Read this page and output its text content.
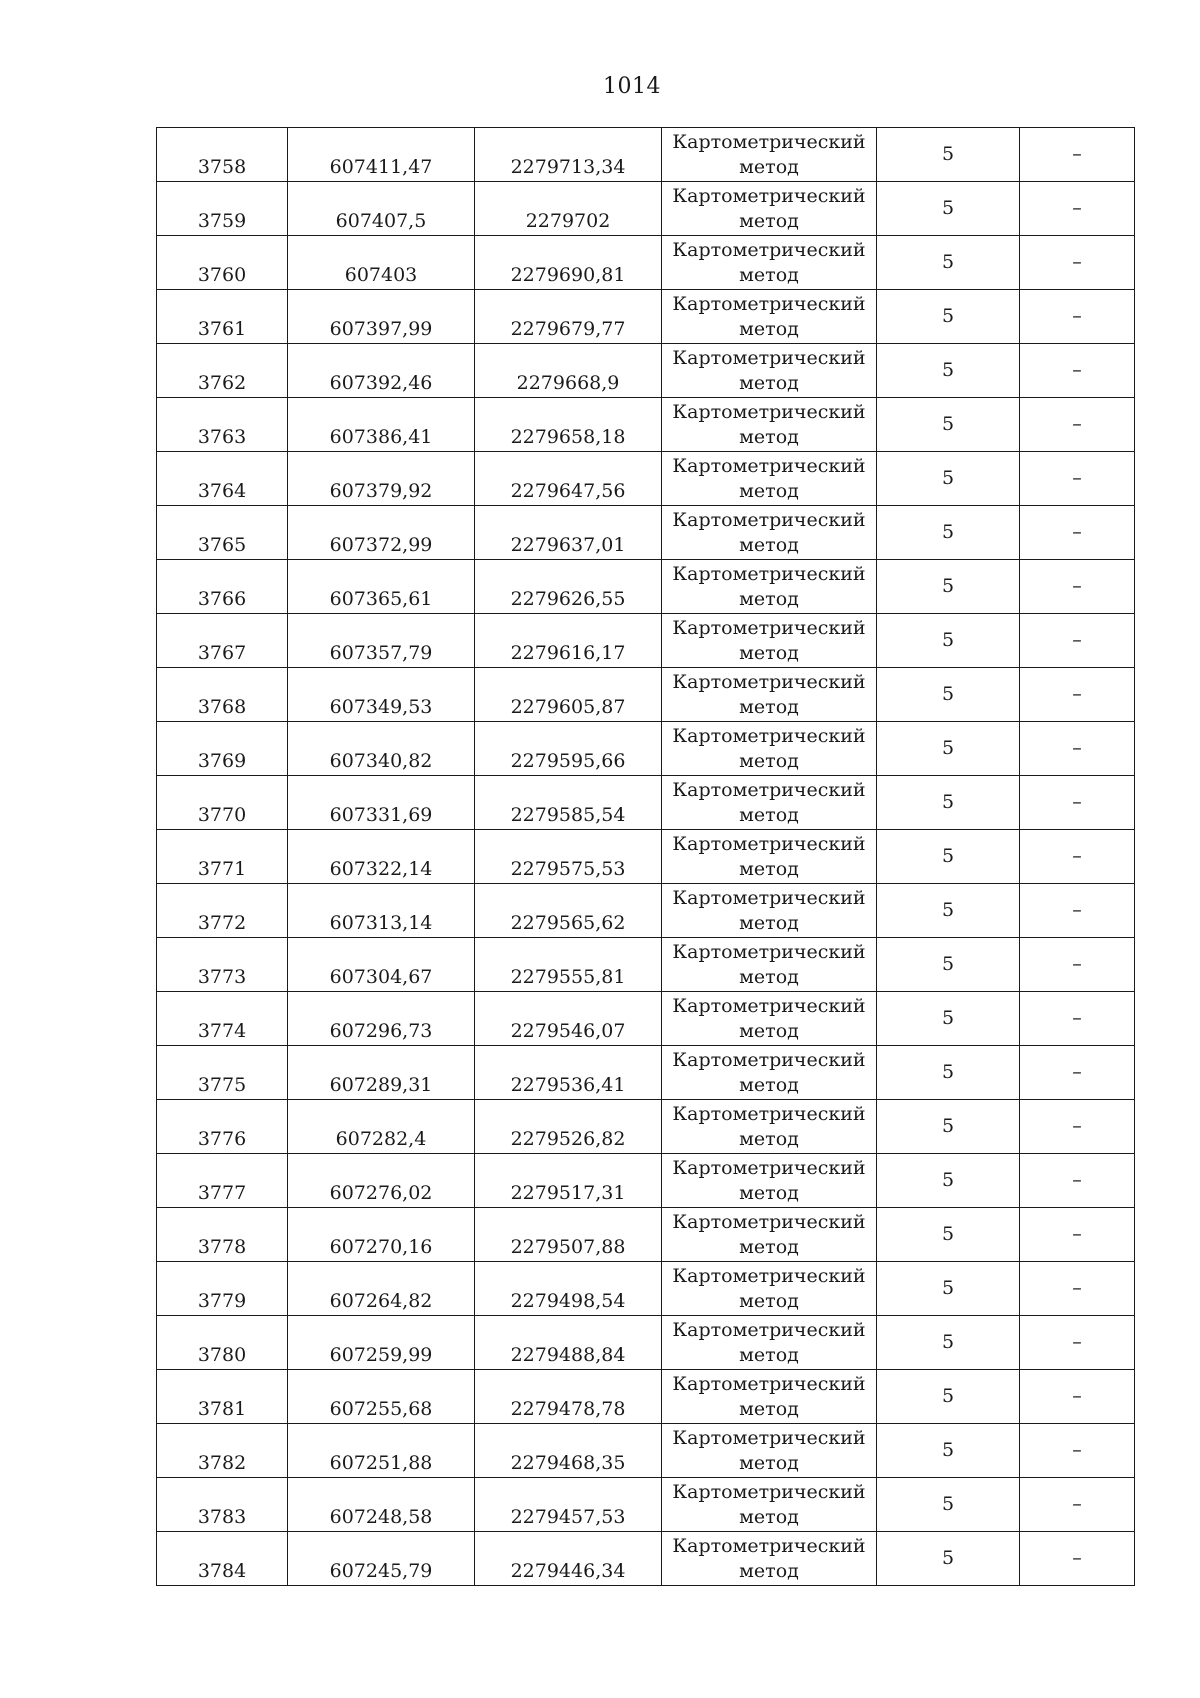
1014
3758	607411,47	2279713,34	Картометрический метод	5	–
3759	607407,5	2279702	Картометрический метод	5	–
3760	607403	2279690,81	Картометрический метод	5	–
3761	607397,99	2279679,77	Картометрический метод	5	–
3762	607392,46	2279668,9	Картометрический метод	5	–
3763	607386,41	2279658,18	Картометрический метод	5	–
3764	607379,92	2279647,56	Картометрический метод	5	–
3765	607372,99	2279637,01	Картометрический метод	5	–
3766	607365,61	2279626,55	Картометрический метод	5	–
3767	607357,79	2279616,17	Картометрический метод	5	–
3768	607349,53	2279605,87	Картометрический метод	5	–
3769	607340,82	2279595,66	Картометрический метод	5	–
3770	607331,69	2279585,54	Картометрический метод	5	–
3771	607322,14	2279575,53	Картометрический метод	5	–
3772	607313,14	2279565,62	Картометрический метод	5	–
3773	607304,67	2279555,81	Картометрический метод	5	–
3774	607296,73	2279546,07	Картометрический метод	5	–
3775	607289,31	2279536,41	Картометрический метод	5	–
3776	607282,4	2279526,82	Картометрический метод	5	–
3777	607276,02	2279517,31	Картометрический метод	5	–
3778	607270,16	2279507,88	Картометрический метод	5	–
3779	607264,82	2279498,54	Картометрический метод	5	–
3780	607259,99	2279488,84	Картометрический метод	5	–
3781	607255,68	2279478,78	Картометрический метод	5	–
3782	607251,88	2279468,35	Картометрический метод	5	–
3783	607248,58	2279457,53	Картометрический метод	5	–
3784	607245,79	2279446,34	Картометрический метод	5	–
